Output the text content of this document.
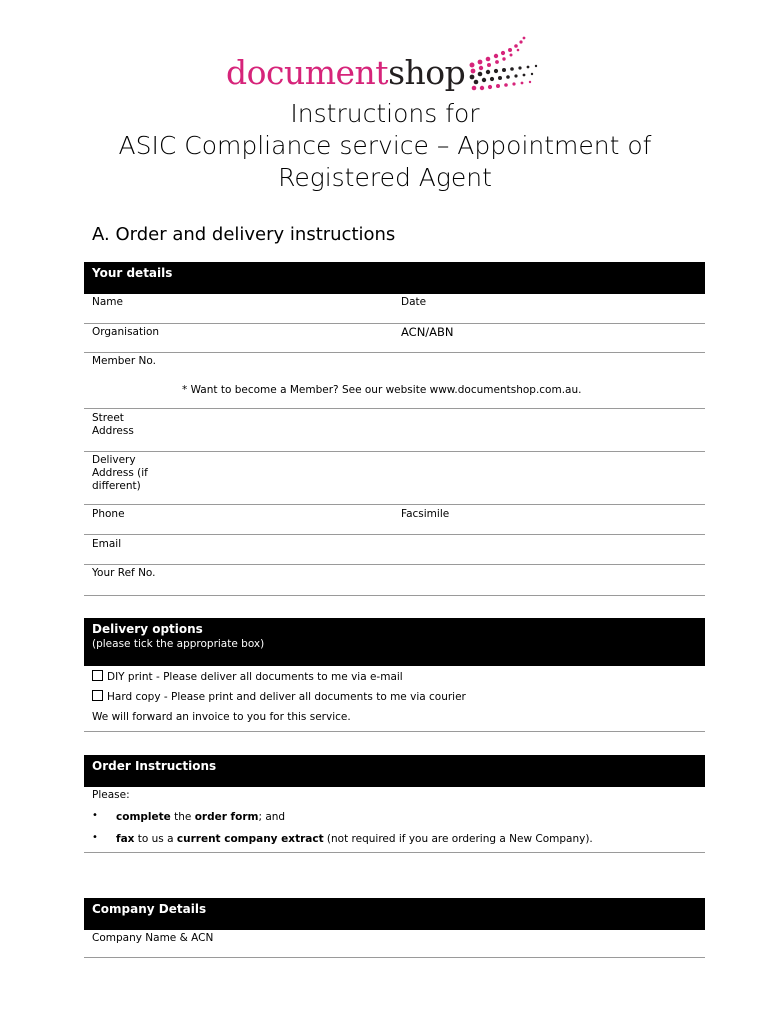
documentshop
Instructions for
ASIC Compliance service – Appointment of
Registered Agent
A. Order and delivery instructions
Your details
Name	Date
Organisation	ACN/ABN
Member No.
* Want to become a Member? See our website www.documentshop.com.au.
Street
Address
Delivery
Address (if
different)
Phone	Facsimile
Email
Your Ref No.
Delivery options
(please tick the appropriate box)
DIY print - Please deliver all documents to me via e-mail
Hard copy - Please print and deliver all documents to me via courier
We will forward an invoice to you for this service.
Order Instructions
Please:
• complete the order form; and
• fax to us a current company extract (not required if you are ordering a New Company).
Company Details
Company Name & ACN
